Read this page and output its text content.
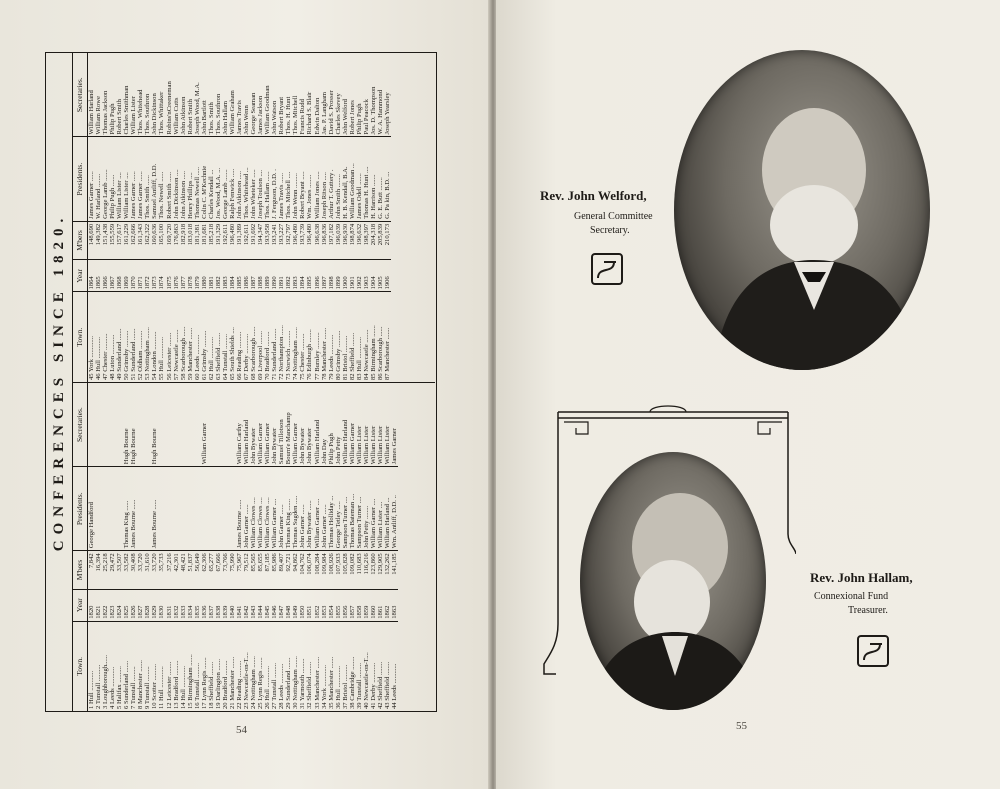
CONFERENCES SINCE 1820.
Town.	Year	M'bers	Presidents.	Secretaries.
1 Hull ............	1820	7,842	George Handford	
2 Tunstall ..........	1821	16,394		
3 Loughborough......	1822	25,218		
4 Leeds ............	1823	29,472		
5 Halifax ..........	1824	33,507		
6 Sunderland .......	1825	33,582	Thomas King ......	Hugh Bourne
7 Tunstall .........	1826	30,408	James Bourne ......	Hugh Bourne
8 Manchester .......	1827	33,720		
9 Tunstall .........	1828	31,610		
10 Scotter ..........	1829	33,720	James Bourne ......	Hugh Bourne
11 Hull .............	1830	35,733		
12 Leicester ........	1831	37,216		
13 Bradford .........	1832	42,301		
14 Hull .............	1833	48,421		
15 Birmingham .......	1834	51,837		
16 Tunstall .........	1835	56,649		
17 Lynn Regis .......	1836	62,306		William Garner
18 Sheffield ........	1837	65,277		
19 Darlington .......	1838	67,666		
20 Bradford .........	1839	73,766		
21 Manchester .......	1840	75,990		
22 Reading ..........	1841	75,967	James Bourne ......	William Carthy
23 Newcastle-on-T....	1842	79,512	John Garner ......	William Harland
24 Nottingham .......	1843	85,565	William Clowes ....	John Bywater
25 Lynn Regis .......	1844	85,655	William Clowes ....	William Garner
26 Hull .............	1845	87,185	William Clowes ....	William Garner
27 Tunstall .........	1846	85,986	William Garner ....	John Bywater
28 Leeds ............	1847	89,407	John Garner ......	Samuel Tillotson
29 Sunderland .......	1848	92,721	Thomas King .......	Bourn'e Manchamp
30 Nottingham .......	1849	94,862	Thomas Sugden .....	William Garner
31 Yarmouth .........	1850	104,762	John Garner ......	John Bywater
32 Sheffield ........	1851	106,074	John Bywater ......	John Bywater
33 Manchester .......	1852	108,284	William Garner ....	William Harland
34 York .............	1853	109,984	John Garner ......	John Day
35 Manchester .......	1854	108,926	Thomas Holliday ...	Philip Pugh
36 Hull .............	1855	107,933	George Tetley .....	John Petty
37 Bristol ..........	1856	105,828	Sampson Turner ....	William Harland
38 Cambridge ........	1857	109,082	Thomas Bateman ....	William Garner
39 Tunstall .........	1858	110,683	Sampson Turner ....	William Lister
40 Newcastle-on-T....	1859	116,216	John Petty ........	William Lister
41 Derby ............	1860	123,860	William Garner ....	William Lister
42 Sheffield ........	1861	129,905	William Lister ....	William Lister
43 Sheffield ........	1862	132,262	William Harland ...	William Lister
44 Leeds ............	1863	141,185	Wm. Antliff, D.D. ..	James Garner
Town.	Year	M'bers	Presidents.	Secretaries.
45 York .............	1864	148,690	James Garner ......	William Harland
46 Hull .............	1865	149,382	W. Harland ........	William Rowe
47 Chester ..........	1866	151,438	George Lamb .......	Thomas Jackson
48 Luton ............	1867	155,559	Philip Pugh .......	Philip Pugh
49 Sunderland .......	1868	157,617	William Lister ....	Robert Smith
50 Grimsby ..........	1869	161,229	William Lister ....	Charles Smithman
51 Sunderland .......	1870	162,666	James Garner ......	William Lister
52 Oldham ...........	1871	161,343	James Garner ......	Thos. Whitehead
53 Nottingham .......	1872	162,322	Thos. Smith ......	Thos. Southron
54 London ...........	1873	160,636	Samuel Antliff, D.D.	John Dickinson
55 Hull .............	1874	165,100	Thos. Newell ......	Thos. Whittaker
56 Leicester ........	1875	169,720	Robert Smith ......	Robins'nCreeneman
57 Newcastle ........	1876	176,863	John Dickinson ....	William Cutts
58 Scarborough ......	1877	182,918	John Atkinson .....	John Atkinson
59 Manchester .......	1878	183,018	Henry Phillips ....	Robert Smith
60 Leeds ............	1879	181,381	Thomas Newell .....	Joseph Wood, M.A.
61 Grimsby ..........	1880	181,681	Colin C. M'Kechnie	John Bartlott
62 Hull .............	1881	185,218	Charles Kendall ...	Thos. Smith
63 Sheffield ........	1882	191,329	Jos. Wood, M.A. ...	Thos. Southron
64 Tunstall .........	1883	192,611	George Lamb .......	John Hallam
65 South Shields ....	1884	196,480	Ralph Fenwick .....	William Graham
66 Reading ..........	1885	191,389	John Atkinson .....	James Travis
67 Derby ............	1886	192,611	Thos. Whitehead ...	John Wenn
68 Scarborough ......	1887	191,692	John Wheteker .....	George Seaman
69 Liverpool ........	1888	194,347	Joseph Toulson ....	James Jackson
70 Bradford .........	1889	193,958	Thos. Hallam ......	William Goodman
71 Sunderland .......	1890	193,241	J. Ferguson, D.D. .	John Watson
72 Northampton ......	1891	193,227	James Travis ......	Robert Bryant
73 Norwich ..........	1892	192,797	Thos. Mitchell ....	Thos. H. Hunt
74 Nottingham .......	1893	196,480	John Wenn .........	Thos. Mitchell
75 Chester ..........	1894	193,739	Robert Bryant .....	Francis Rudd
76 Edinburgh ........	1895	196,480	Wm. Jones ........	Richard S. Blair
77 Burnley ..........	1896	196,638	William Jones .....	Edwin Dalton
78 Manchester .......	1897	196,836	Joseph Ritson .....	Jas. P. Langham
79 Leeds ............	1898	197,182	Arthur T. Guttery .	David S. Prosser
80 Grimsby ..........	1899	196,039	John Smith ........	Charles Skevey
81 Bristol ..........	1900	196,930	H. B. Kendall, B.A.	John Welford
82 Sheffield ........	1901	198,874	William Goodman ...	Robert Jones
83 Hull .............	1902	196,632	James Odell .......	Philip Pugh
84 Newcastle ........	1903	198,397	Thomas H. Hunt ....	Paul Peacock
85 Birmingham .......	1904	204,318	H. Harrison .......	Jos. D. Thompson
86 Scarborough ......	1905	205,839	G. E. Butt ........	W. A. Hammond
87 Manchester .......	1906	210,173	G. Pa kin, B.D. ...	Joseph Yearsley
54
Rev. John Welford,
General Committee
Secretary.
Rev. John Hallam,
Connexional Fund
Treasurer.
55
